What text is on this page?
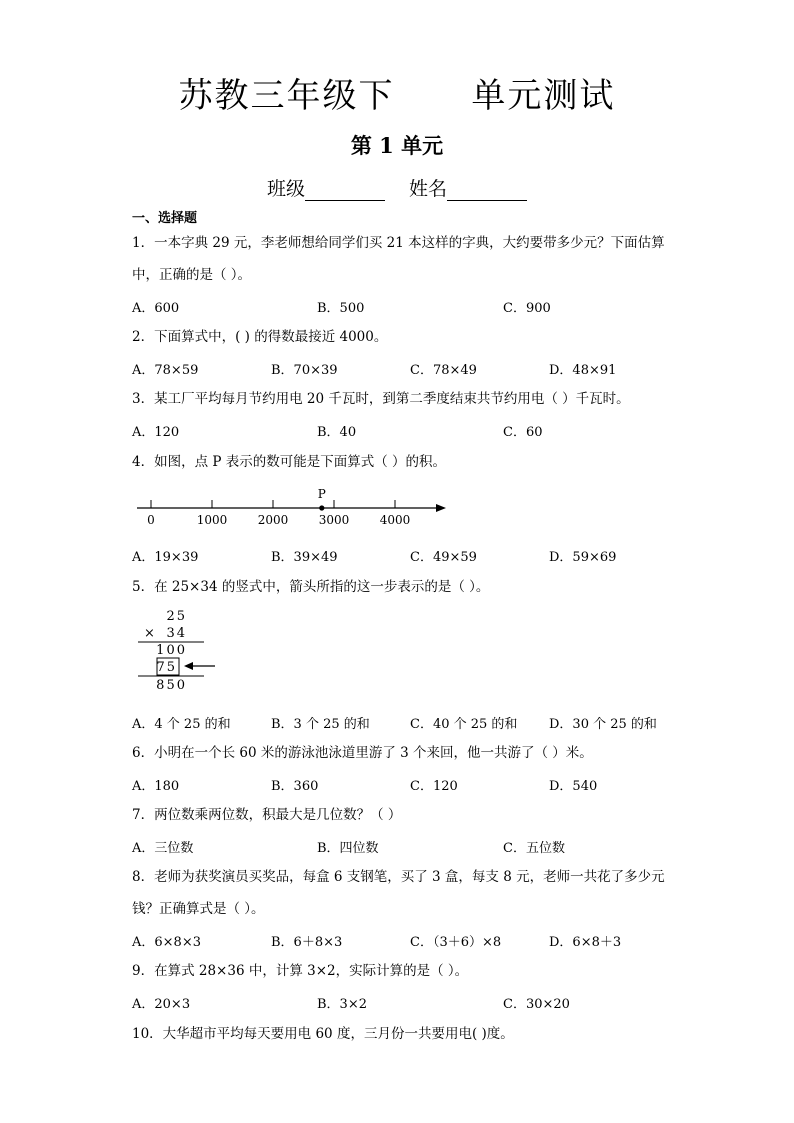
苏教三年级下      单元测试
第 1 单元
班级	姓名
一、选择题
1．一本字典 29 元，李老师想给同学们买 21 本这样的字典，大约要带多少元？下面估算中，正确的是（ ）。
A．600	B．500	C．900
2．下面算式中，( ) 的得数最接近 4000。
A．78×59	B．70×39	C．78×49	D．48×91
3．某工厂平均每月节约用电 20 千瓦时，到第二季度结束共节约用电（ ）千瓦时。
A．120	B．40	C．60
4．如图，点 P 表示的数可能是下面算式（ ）的积。
0	1000	2000	3000	4000
P
A．19×39	B．39×49	C．49×59	D．59×69
5．在 25×34 的竖式中，箭头所指的这一步表示的是（ ）。
25
× 34
100
75
850
A．4 个 25 的和	B．3 个 25 的和	C．40 个 25 的和 D．30 个 25 的和
6．小明在一个长 60 米的游泳池泳道里游了 3 个来回，他一共游了（ ）米。
A．180	B．360	C．120	D．540
7．两位数乘两位数，积最大是几位数？（ ）
A．三位数	B．四位数	C．五位数
8．老师为获奖演员买奖品，每盒 6 支钢笔，买了 3 盒，每支 8 元，老师一共花了多少元钱？正确算式是（ ）。
A．6×8×3	B．6＋8×3	C．（3＋6）×8	D．6×8＋3
9．在算式 28×36 中，计算 3×2，实际计算的是（ ）。
A．20×3	B．3×2	C．30×20
10．大华超市平均每天要用电 60 度，三月份一共要用电( )度。
